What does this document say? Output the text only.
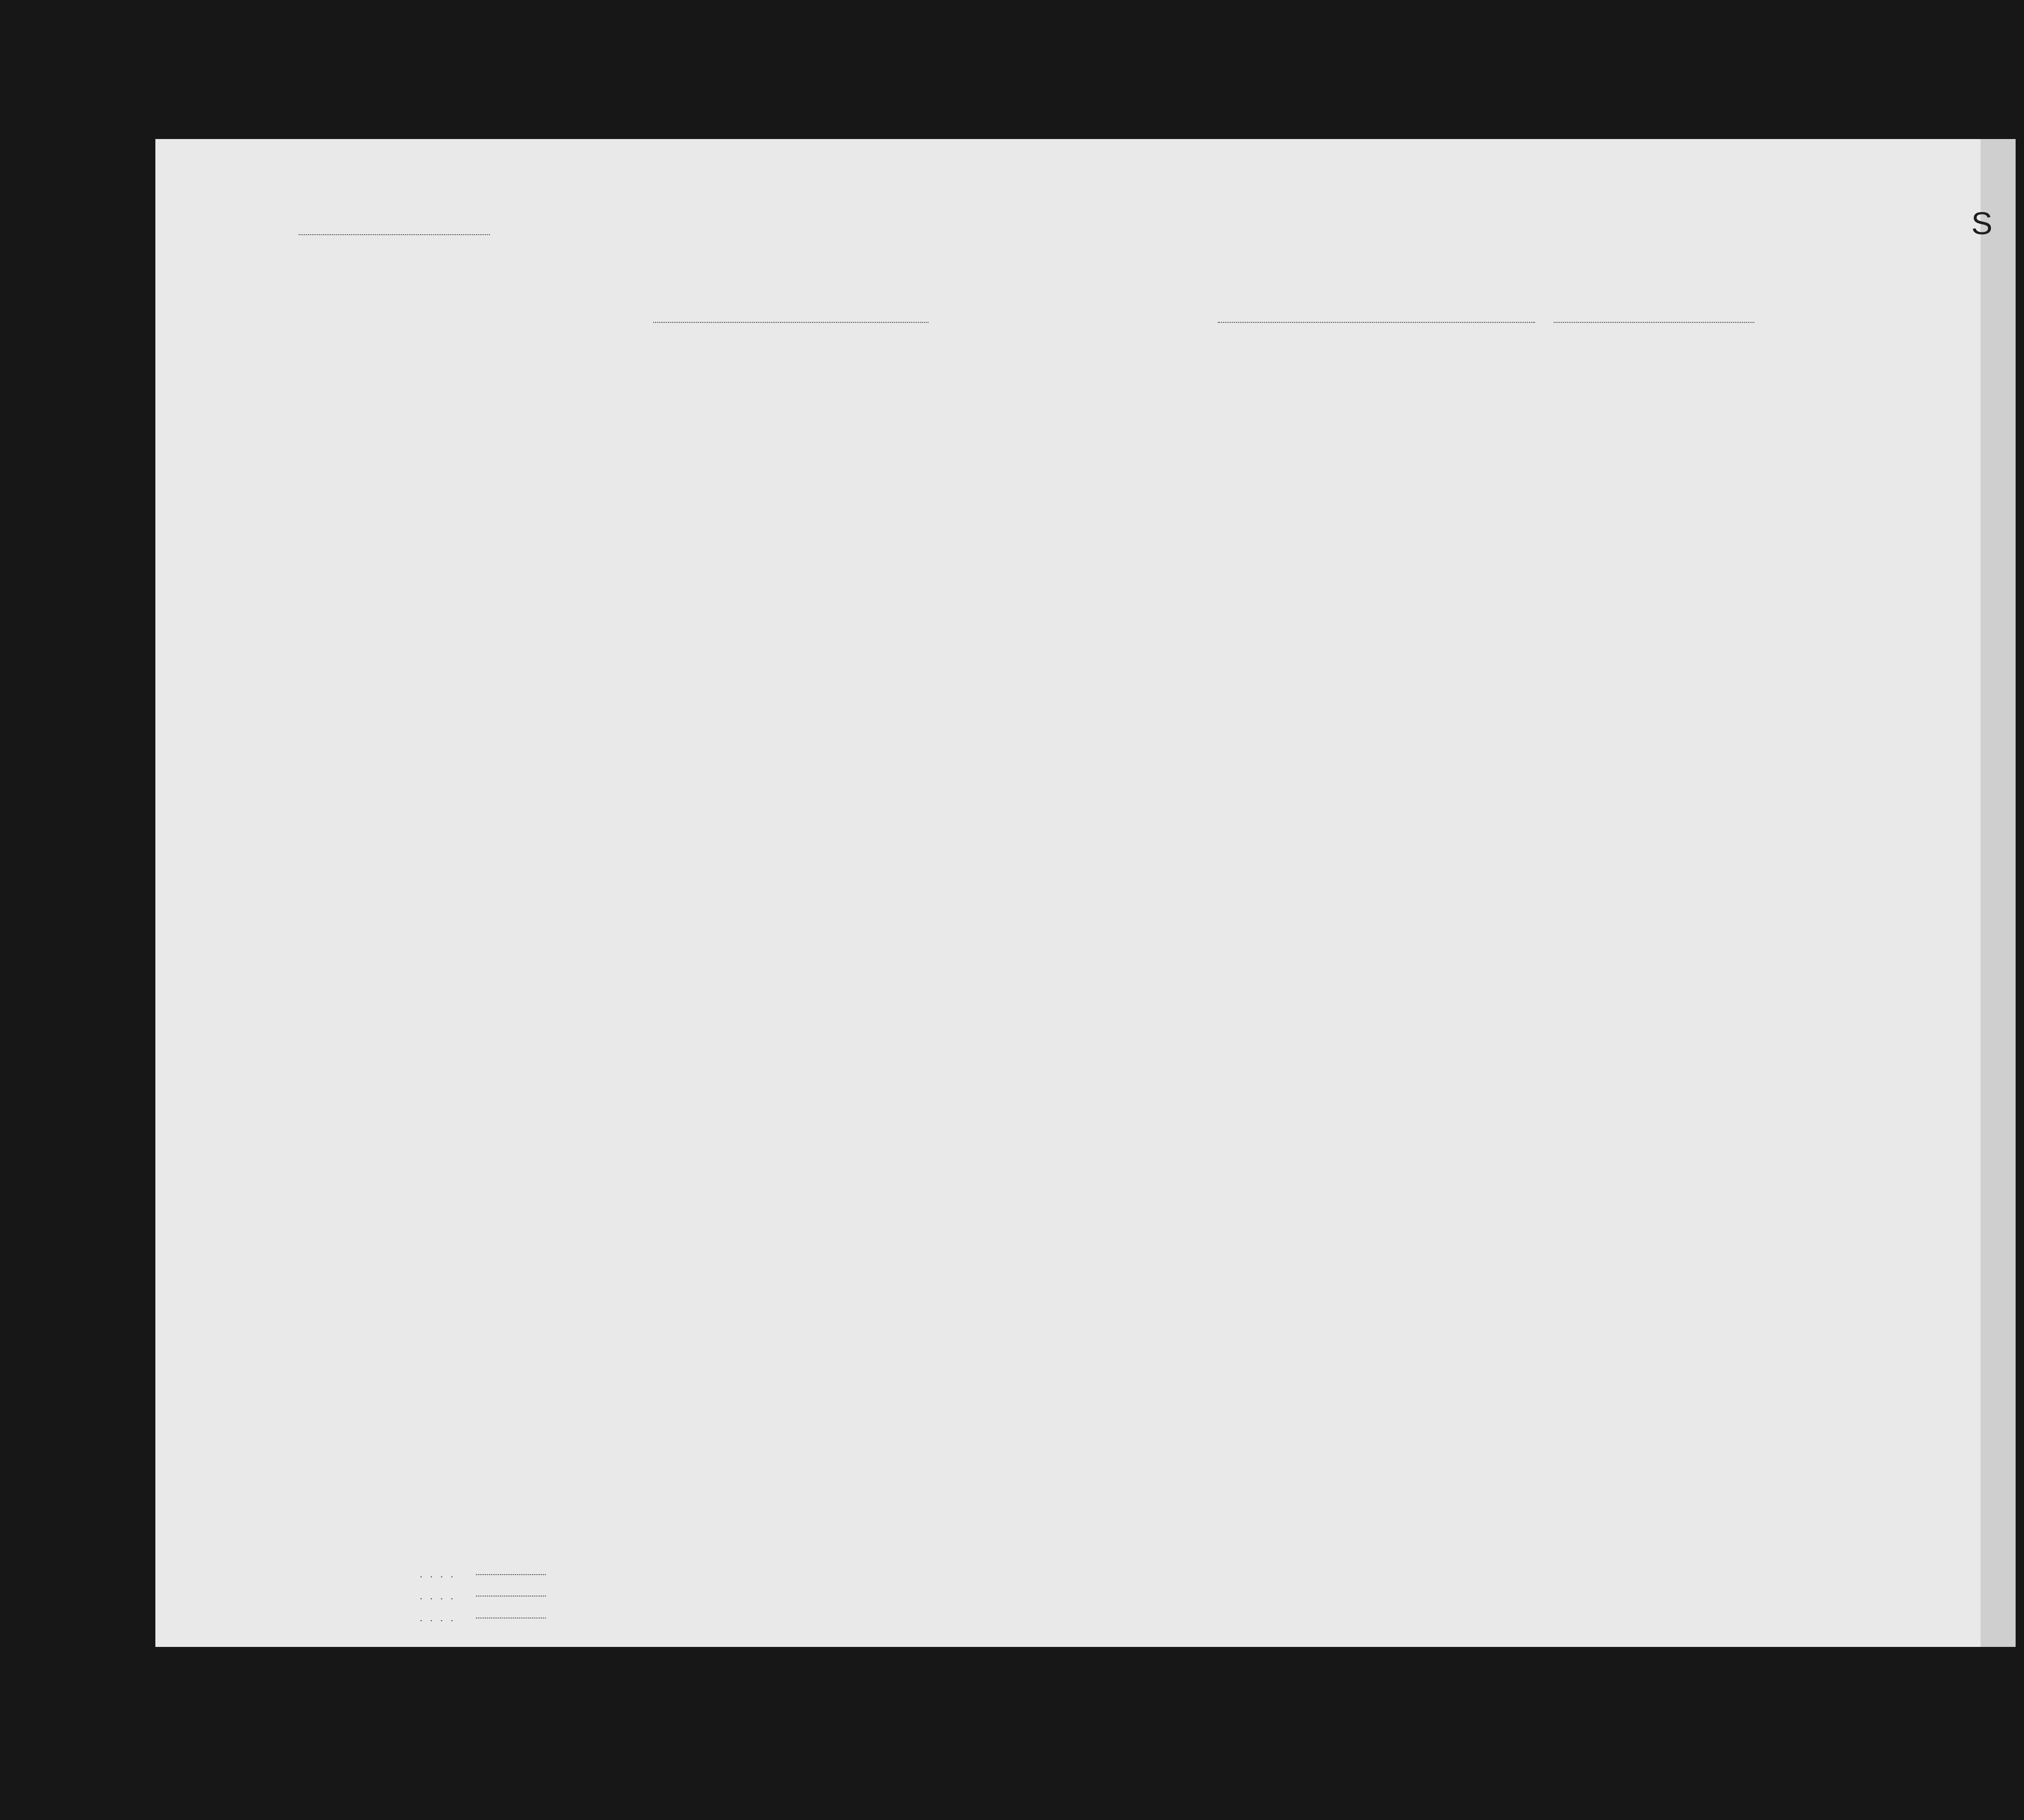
S
. . . .
. . . .
. . . .
